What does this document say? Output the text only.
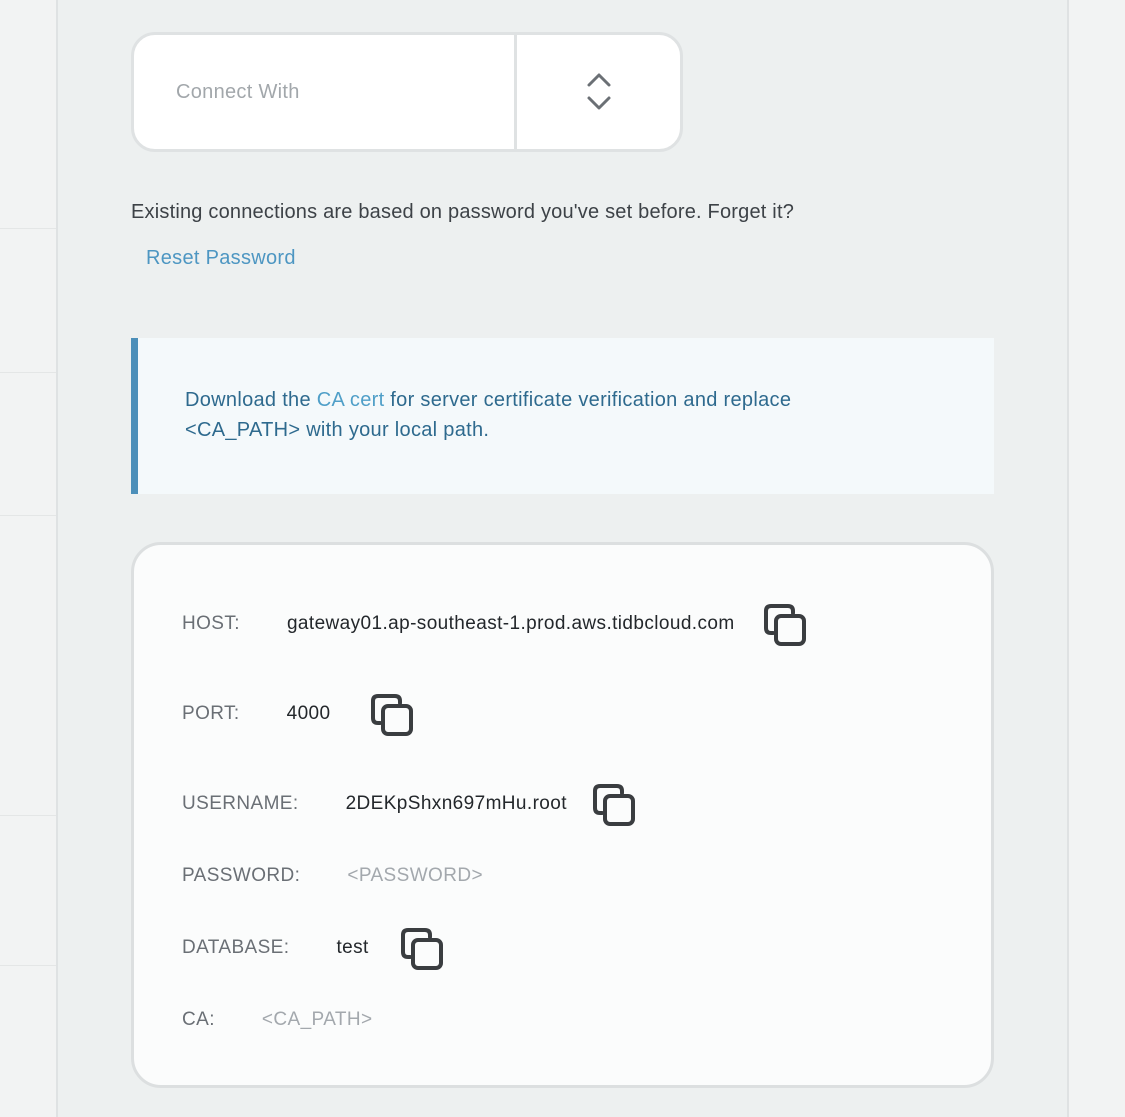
Connect With
Existing connections are based on password you've set before. Forget it?
Reset Password
Download the CA cert for server certificate verification and replace
<CA_PATH> with your local path.
HOST: gateway01.ap-southeast-1.prod.aws.tidbcloud.com
PORT: 4000
USERNAME: 2DEKpShxn697mHu.root
PASSWORD: <PASSWORD>
DATABASE: test
CA: <CA_PATH>
